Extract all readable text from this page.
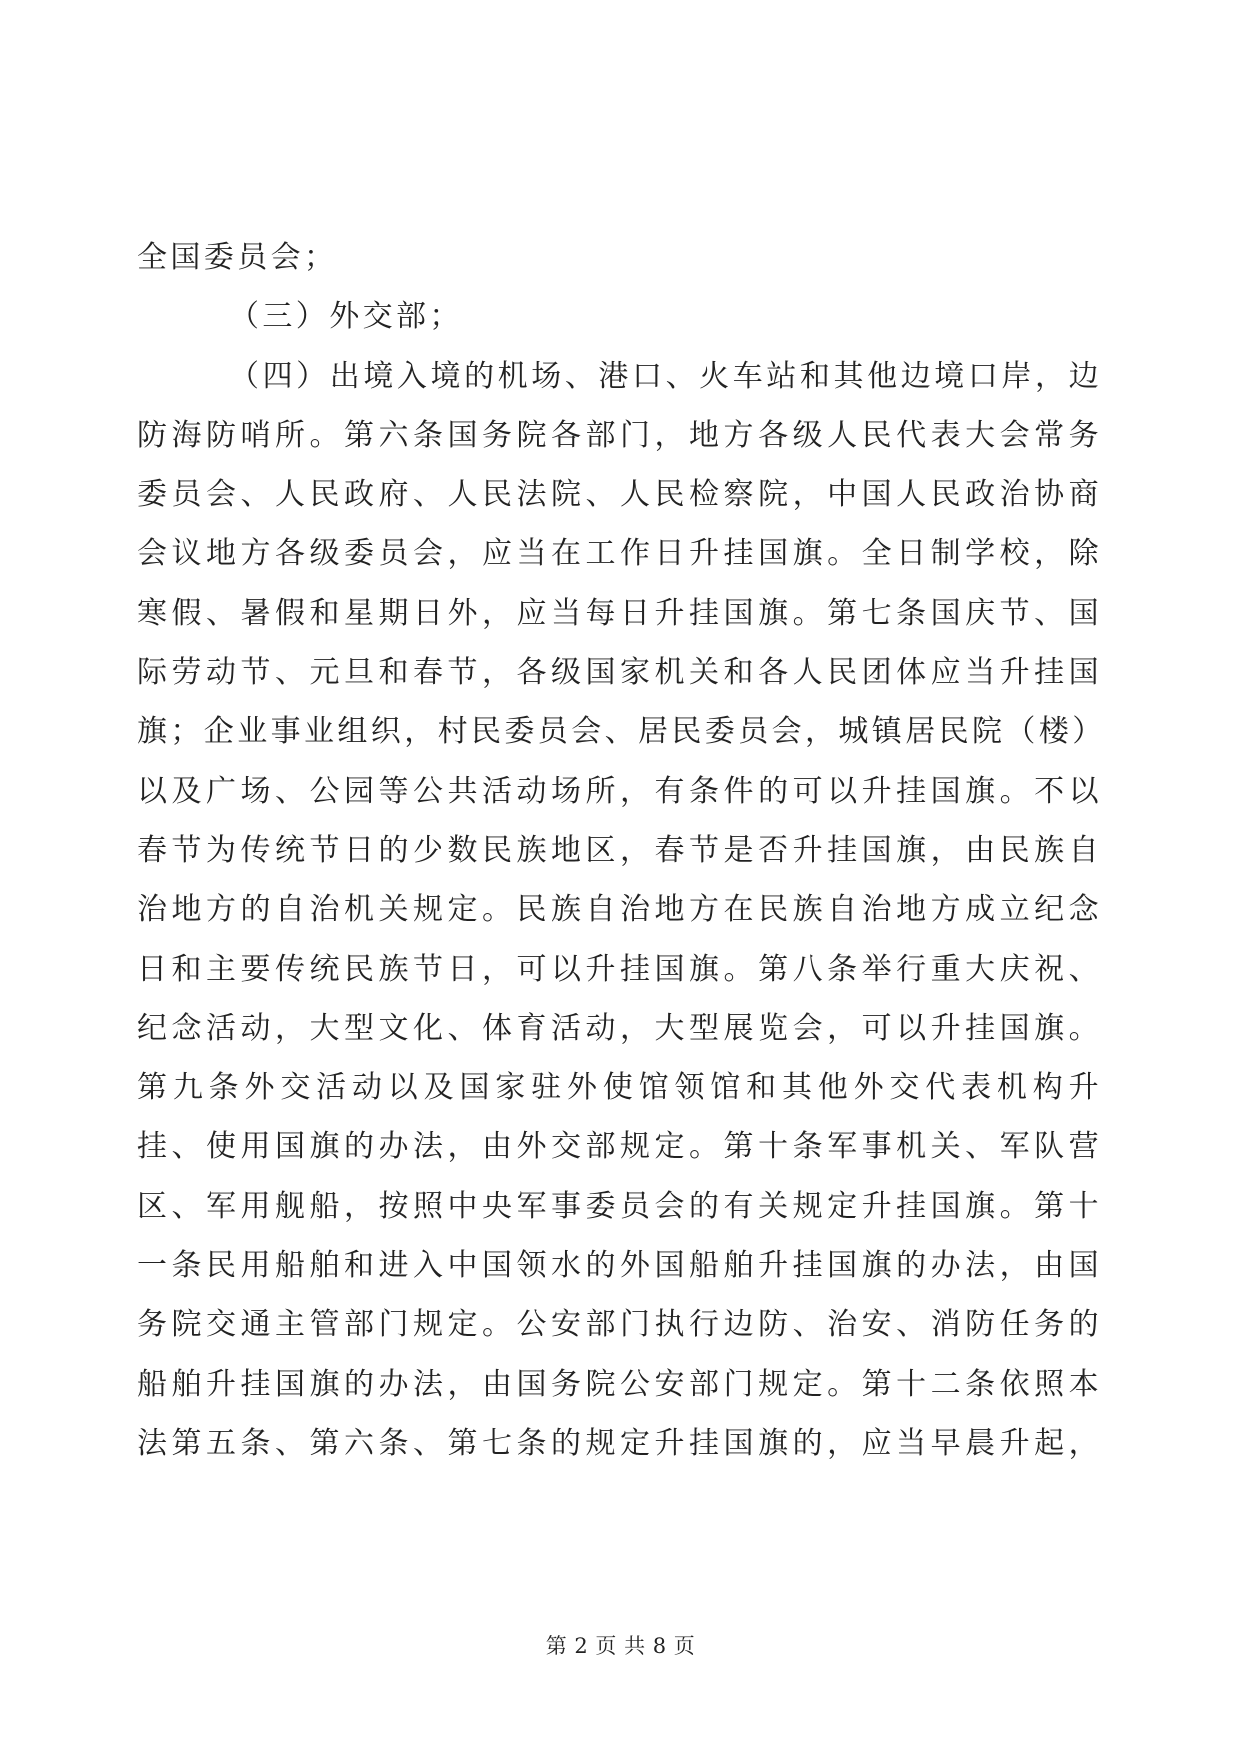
全国委员会；

（三）外交部；

（四）出境入境的机场、港口、火车站和其他边境口岸，边

防海防哨所。第六条国务院各部门，地方各级人民代表大会常务

委员会、人民政府、人民法院、人民检察院，中国人民政治协商

会议地方各级委员会，应当在工作日升挂国旗。全日制学校，除

寒假、暑假和星期日外，应当每日升挂国旗。第七条国庆节、国

际劳动节、元旦和春节，各级国家机关和各人民团体应当升挂国

旗；企业事业组织，村民委员会、居民委员会，城镇居民院（楼）

以及广场、公园等公共活动场所，有条件的可以升挂国旗。不以

春节为传统节日的少数民族地区，春节是否升挂国旗，由民族自

治地方的自治机关规定。民族自治地方在民族自治地方成立纪念

日和主要传统民族节日，可以升挂国旗。第八条举行重大庆祝、

纪念活动，大型文化、体育活动，大型展览会，可以升挂国旗。

第九条外交活动以及国家驻外使馆领馆和其他外交代表机构升

挂、使用国旗的办法，由外交部规定。第十条军事机关、军队营

区、军用舰船，按照中央军事委员会的有关规定升挂国旗。第十

一条民用船舶和进入中国领水的外国船舶升挂国旗的办法，由国

务院交通主管部门规定。公安部门执行边防、治安、消防任务的

船舶升挂国旗的办法，由国务院公安部门规定。第十二条依照本

法第五条、第六条、第七条的规定升挂国旗的，应当早晨升起，

第 2 页 共 8 页
